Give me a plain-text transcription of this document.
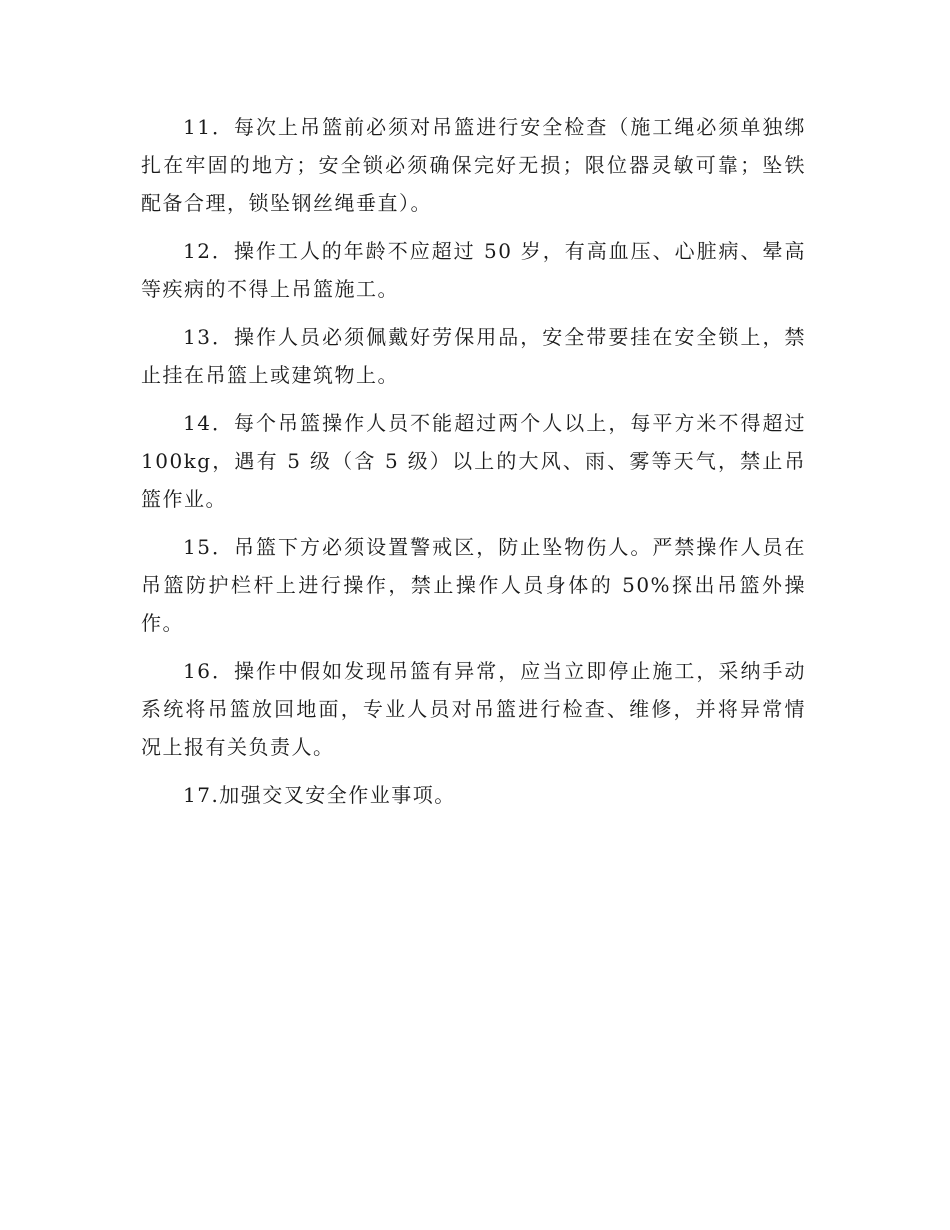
11．每次上吊篮前必须对吊篮进行安全检查（施工绳必须单独绑扎在牢固的地方；安全锁必须确保完好无损；限位器灵敏可靠；坠铁配备合理，锁坠钢丝绳垂直）。

12．操作工人的年龄不应超过 50 岁，有高血压、心脏病、晕高等疾病的不得上吊篮施工。

13．操作人员必须佩戴好劳保用品，安全带要挂在安全锁上，禁止挂在吊篮上或建筑物上。

14．每个吊篮操作人员不能超过两个人以上，每平方米不得超过 100kg，遇有 5 级（含 5 级）以上的大风、雨、雾等天气，禁止吊篮作业。

15．吊篮下方必须设置警戒区，防止坠物伤人。严禁操作人员在吊篮防护栏杆上进行操作，禁止操作人员身体的 50%探出吊篮外操作。

16．操作中假如发现吊篮有异常，应当立即停止施工，采纳手动系统将吊篮放回地面，专业人员对吊篮进行检查、维修，并将异常情况上报有关负责人。

17.加强交叉安全作业事项。
